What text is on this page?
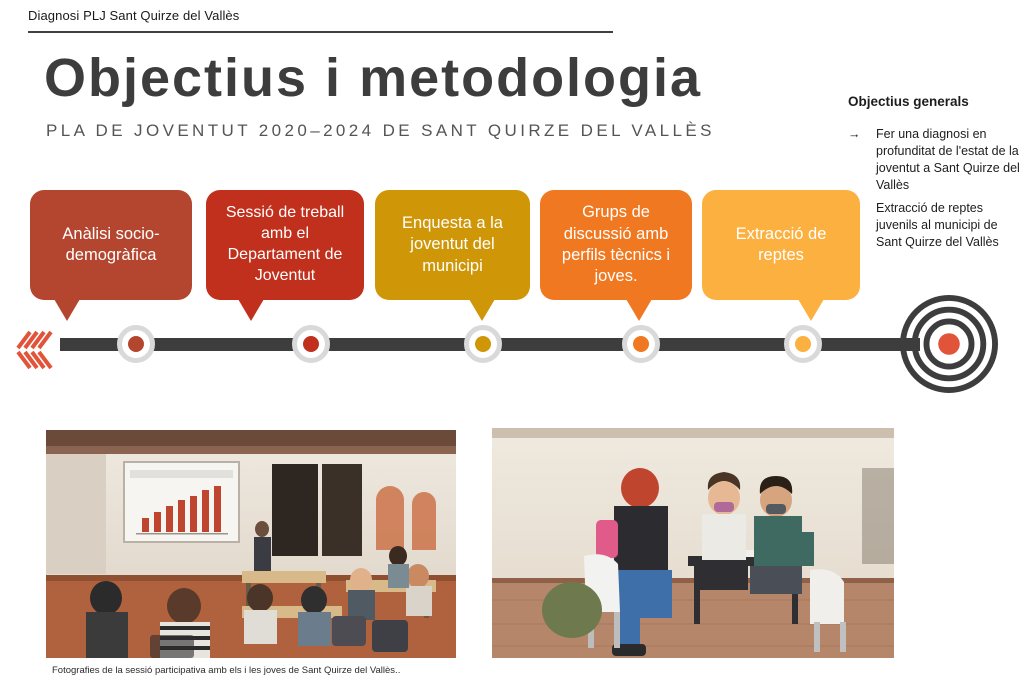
Diagnosi PLJ Sant Quirze del Vallès
Objectius i metodologia
PLA DE JOVENTUT 2020–2024 DE SANT QUIRZE DEL VALLÈS
Objectius generals
→ Fer una diagnosi en profunditat de l'estat de la joventut a Sant Quirze del Vallès
Extracció de reptes juvenils al municipi de Sant Quirze del Vallès
Anàlisi socio-demogràfica
Sessió de treball amb el Departament de Joventut
Enquesta a la joventut del municipi
Grups de discussió amb perfils tècnics i joves.
Extracció de reptes
Fotografies de la sessió participativa amb els i les joves de Sant Quirze del Vallès..
